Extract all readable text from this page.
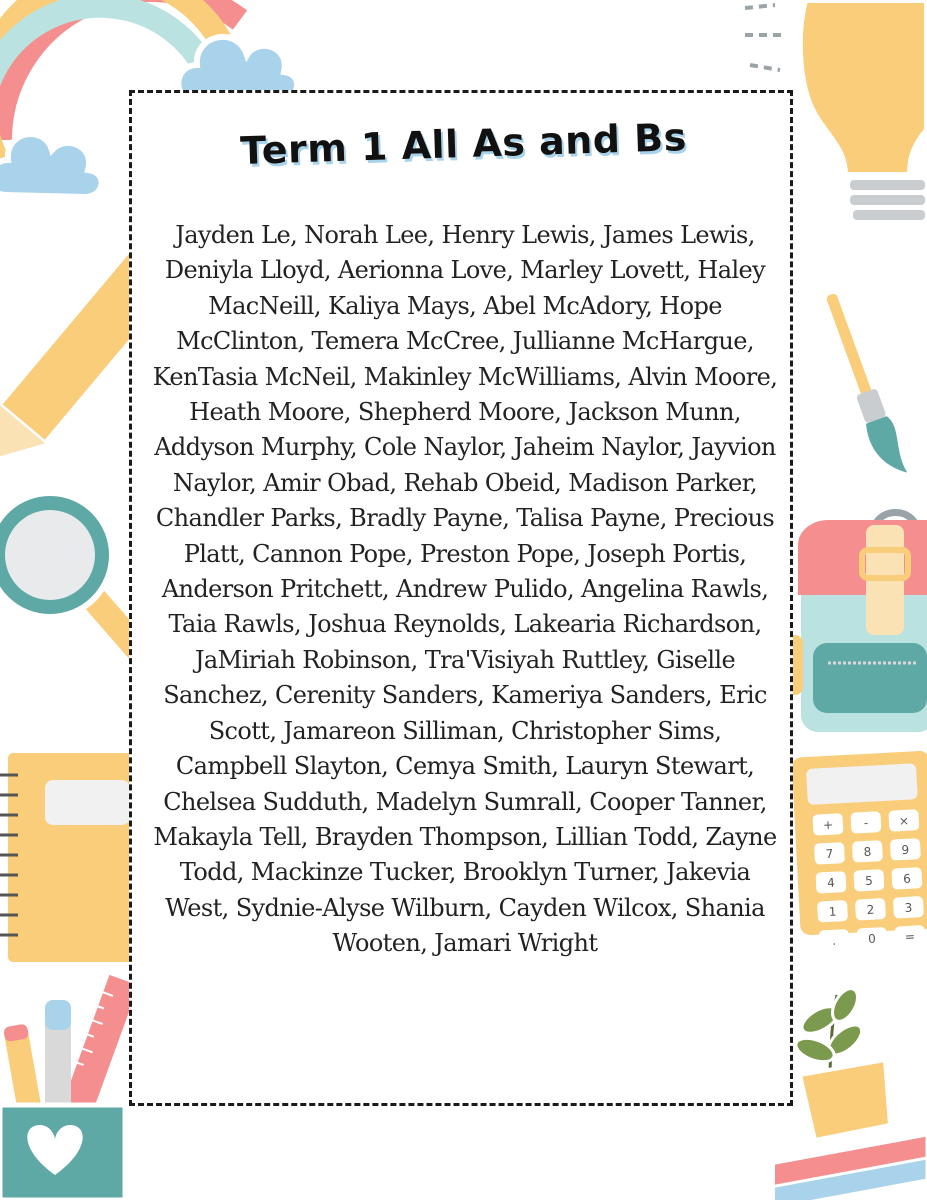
+	-	×
7	8	9
4	5	6
1	2	3
.	0	=
Term 1 All As and Bs

Jayden Le, Norah Lee, Henry Lewis, James Lewis, Deniyla Lloyd, Aerionna Love, Marley Lovett, Haley MacNeill, Kaliya Mays, Abel McAdory, Hope McClinton, Temera McCree, Jullianne McHargue, KenTasia McNeil, Makinley McWilliams, Alvin Moore, Heath Moore, Shepherd Moore, Jackson Munn, Addyson Murphy, Cole Naylor, Jaheim Naylor, Jayvion Naylor, Amir Obad, Rehab Obeid, Madison Parker, Chandler Parks, Bradly Payne, Talisa Payne, Precious Platt, Cannon Pope, Preston Pope, Joseph Portis, Anderson Pritchett, Andrew Pulido, Angelina Rawls, Taia Rawls, Joshua Reynolds, Lakearia Richardson, JaMiriah Robinson, Tra'Visiyah Ruttley, Giselle Sanchez, Cerenity Sanders, Kameriya Sanders, Eric Scott, Jamareon Silliman, Christopher Sims, Campbell Slayton, Cemya Smith, Lauryn Stewart, Chelsea Sudduth, Madelyn Sumrall, Cooper Tanner, Makayla Tell, Brayden Thompson, Lillian Todd, Zayne Todd, Mackinze Tucker, Brooklyn Turner, Jakevia West, Sydnie-Alyse Wilburn, Cayden Wilcox, Shania Wooten, Jamari Wright
